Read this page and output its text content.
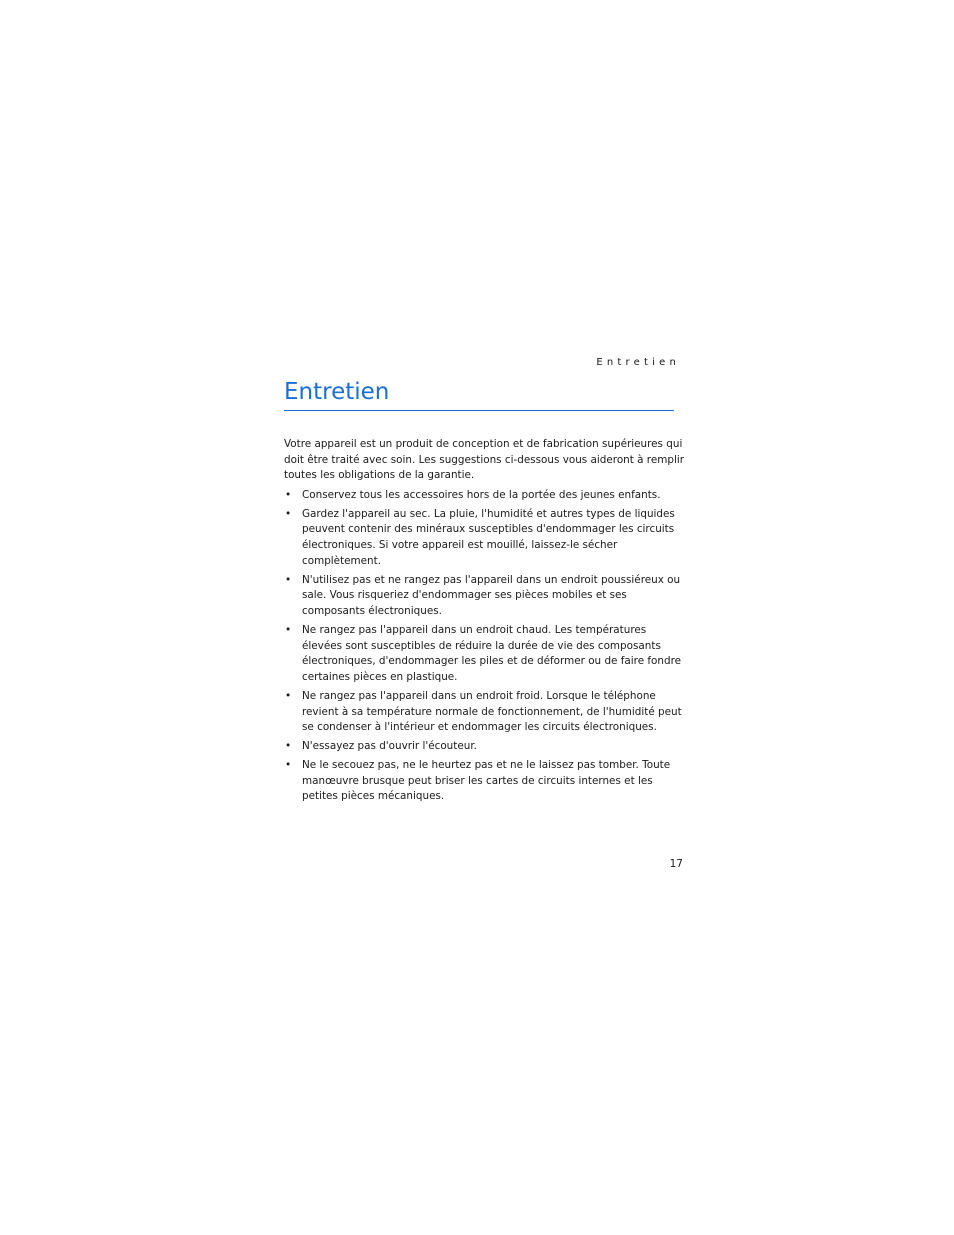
Entretien
Entretien

Votre appareil est un produit de conception et de fabrication supérieures qui doit être traité avec soin. Les suggestions ci-dessous vous aideront à remplir toutes les obligations de la garantie.

• Conservez tous les accessoires hors de la portée des jeunes enfants.
• Gardez l'appareil au sec. La pluie, l'humidité et autres types de liquides peuvent contenir des minéraux susceptibles d'endommager les circuits électroniques. Si votre appareil est mouillé, laissez-le sécher complètement.
• N'utilisez pas et ne rangez pas l'appareil dans un endroit poussiéreux ou sale. Vous risqueriez d'endommager ses pièces mobiles et ses composants électroniques.
• Ne rangez pas l'appareil dans un endroit chaud. Les températures élevées sont susceptibles de réduire la durée de vie des composants électroniques, d'endommager les piles et de déformer ou de faire fondre certaines pièces en plastique.
• Ne rangez pas l'appareil dans un endroit froid. Lorsque le téléphone revient à sa température normale de fonctionnement, de l'humidité peut se condenser à l'intérieur et endommager les circuits électroniques.
• N'essayez pas d'ouvrir l'écouteur.
• Ne le secouez pas, ne le heurtez pas et ne le laissez pas tomber. Toute manœuvre brusque peut briser les cartes de circuits internes et les petites pièces mécaniques.
17
